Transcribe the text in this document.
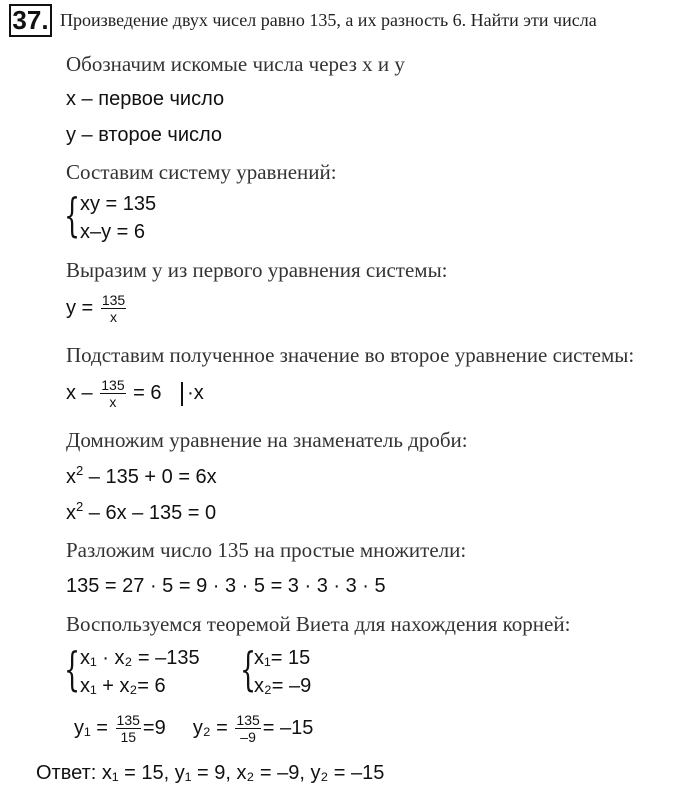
37. Произведение двух чисел равно 135, а их разность 6. Найти эти числа
Обозначим искомые числа через х и у
х – первое число
у – второе число
Составим систему уравнений:
{ ху = 135
х–у = 6
Выразим у из первого уравнения системы:
$y = \frac{135}{x}$
Подставим полученное значение во второе уравнение системы:
$x - \frac{135}{x} = 6 \cdot x$
Домножим уравнение на знаменатель дроби:
$x^2 - 135 + 0 = 6x$
$x^2 - 6x - 135 = 0$
Разложим число 135 на простые множители:
135 = 27 · 5 = 9 · 3 · 5 = 3 · 3 · 3 · 5
Воспользуемся теоремой Виета для нахождения корней:
{ x₁ · x₂ = –135
x₁ + x₂= 6	{
x₁= 15
x₂= –9
$y_1 = \frac{135}{15} =9$ $y_2 = \frac{135}{-9} = -15$
Ответ: x₁ = 15, y₁ = 9, x₂ = –9, y₂ = –15
